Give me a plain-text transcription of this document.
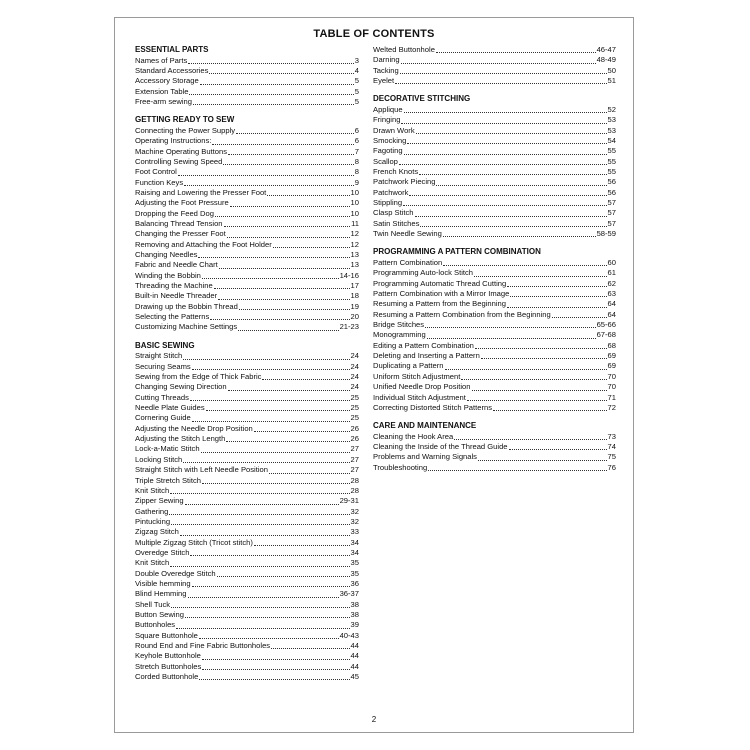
TABLE OF CONTENTS
ESSENTIAL PARTS
Names of Parts	3
Standard Accessories	4
Accessory Storage	5
Extension Table	5
Free-arm sewing	5
GETTING READY TO SEW
Connecting the Power Supply	6
Operating Instructions:	6
Machine Operating Buttons	7
Controlling Sewing Speed	8
Foot Control	8
Function Keys	9
Raising and Lowering the Presser Foot	10
Adjusting the Foot Pressure	10
Dropping the Feed Dog	10
Balancing Thread Tension	11
Changing the Presser Foot	12
Removing and Attaching the Foot Holder	12
Changing Needles	13
Fabric and Needle Chart	13
Winding the Bobbin	14-16
Threading the Machine	17
Built-in Needle Threader	18
Drawing up the Bobbin Thread	19
Selecting the Patterns	20
Customizing Machine Settings	21-23
BASIC SEWING
Straight Stitch	24
Securing Seams	24
Sewing from the Edge of Thick Fabric	24
Changing Sewing Direction	24
Cutting Threads	25
Needle Plate Guides	25
Cornering Guide	25
Adjusting the Needle Drop Position	26
Adjusting the Stitch Length	26
Lock-a-Matic Stitch	27
Locking Stitch	27
Straight Stitch with Left Needle Position	27
Triple Stretch Stitch	28
Knit Stitch	28
Zipper Sewing	29-31
Gathering	32
Pintucking	32
Zigzag Stitch	33
Multiple Zigzag Stitch (Tricot stitch)	34
Overedge Stitch	34
Knit Stitch	35
Double Overedge Stitch	35
Visible hemming	36
Blind Hemming	36-37
Shell Tuck	38
Button Sewing	38
Buttonholes	39
Square Buttonhole	40-43
Round End and Fine Fabric Buttonholes	44
Keyhole Buttonhole	44
Stretch Buttonholes	44
Corded Buttonhole	45
Welted Buttonhole	46-47
Darning	48-49
Tacking	50
Eyelet	51
DECORATIVE STITCHING
Applique	52
Fringing	53
Drawn Work	53
Smocking	54
Fagoting	55
Scallop	55
French Knots	55
Patchwork Piecing	56
Patchwork	56
Stippling	57
Clasp Stitch	57
Satin Stitches	57
Twin Needle Sewing	58-59
PROGRAMMING A PATTERN COMBINATION
Pattern Combination	60
Programming Auto-lock Stitch	61
Programming Automatic Thread Cutting	62
Pattern Combination with a Mirror Image	63
Resuming a Pattern from the Beginning	64
Resuming a Pattern Combination from the Beginning	64
Bridge Stitches	65-66
Monogramming	67-68
Editing a Pattern Combination	68
Deleting and Inserting a Pattern	69
Duplicating a Pattern	69
Uniform Stitch Adjustment	70
Unified Needle Drop Position	70
Individual Stitch Adjustment	71
Correcting Distorted Stitch Patterns	72
CARE AND MAINTENANCE
Cleaning the Hook Area	73
Cleaning the Inside of the Thread Guide	74
Problems and Warning Signals	75
Troubleshooting	76
2
